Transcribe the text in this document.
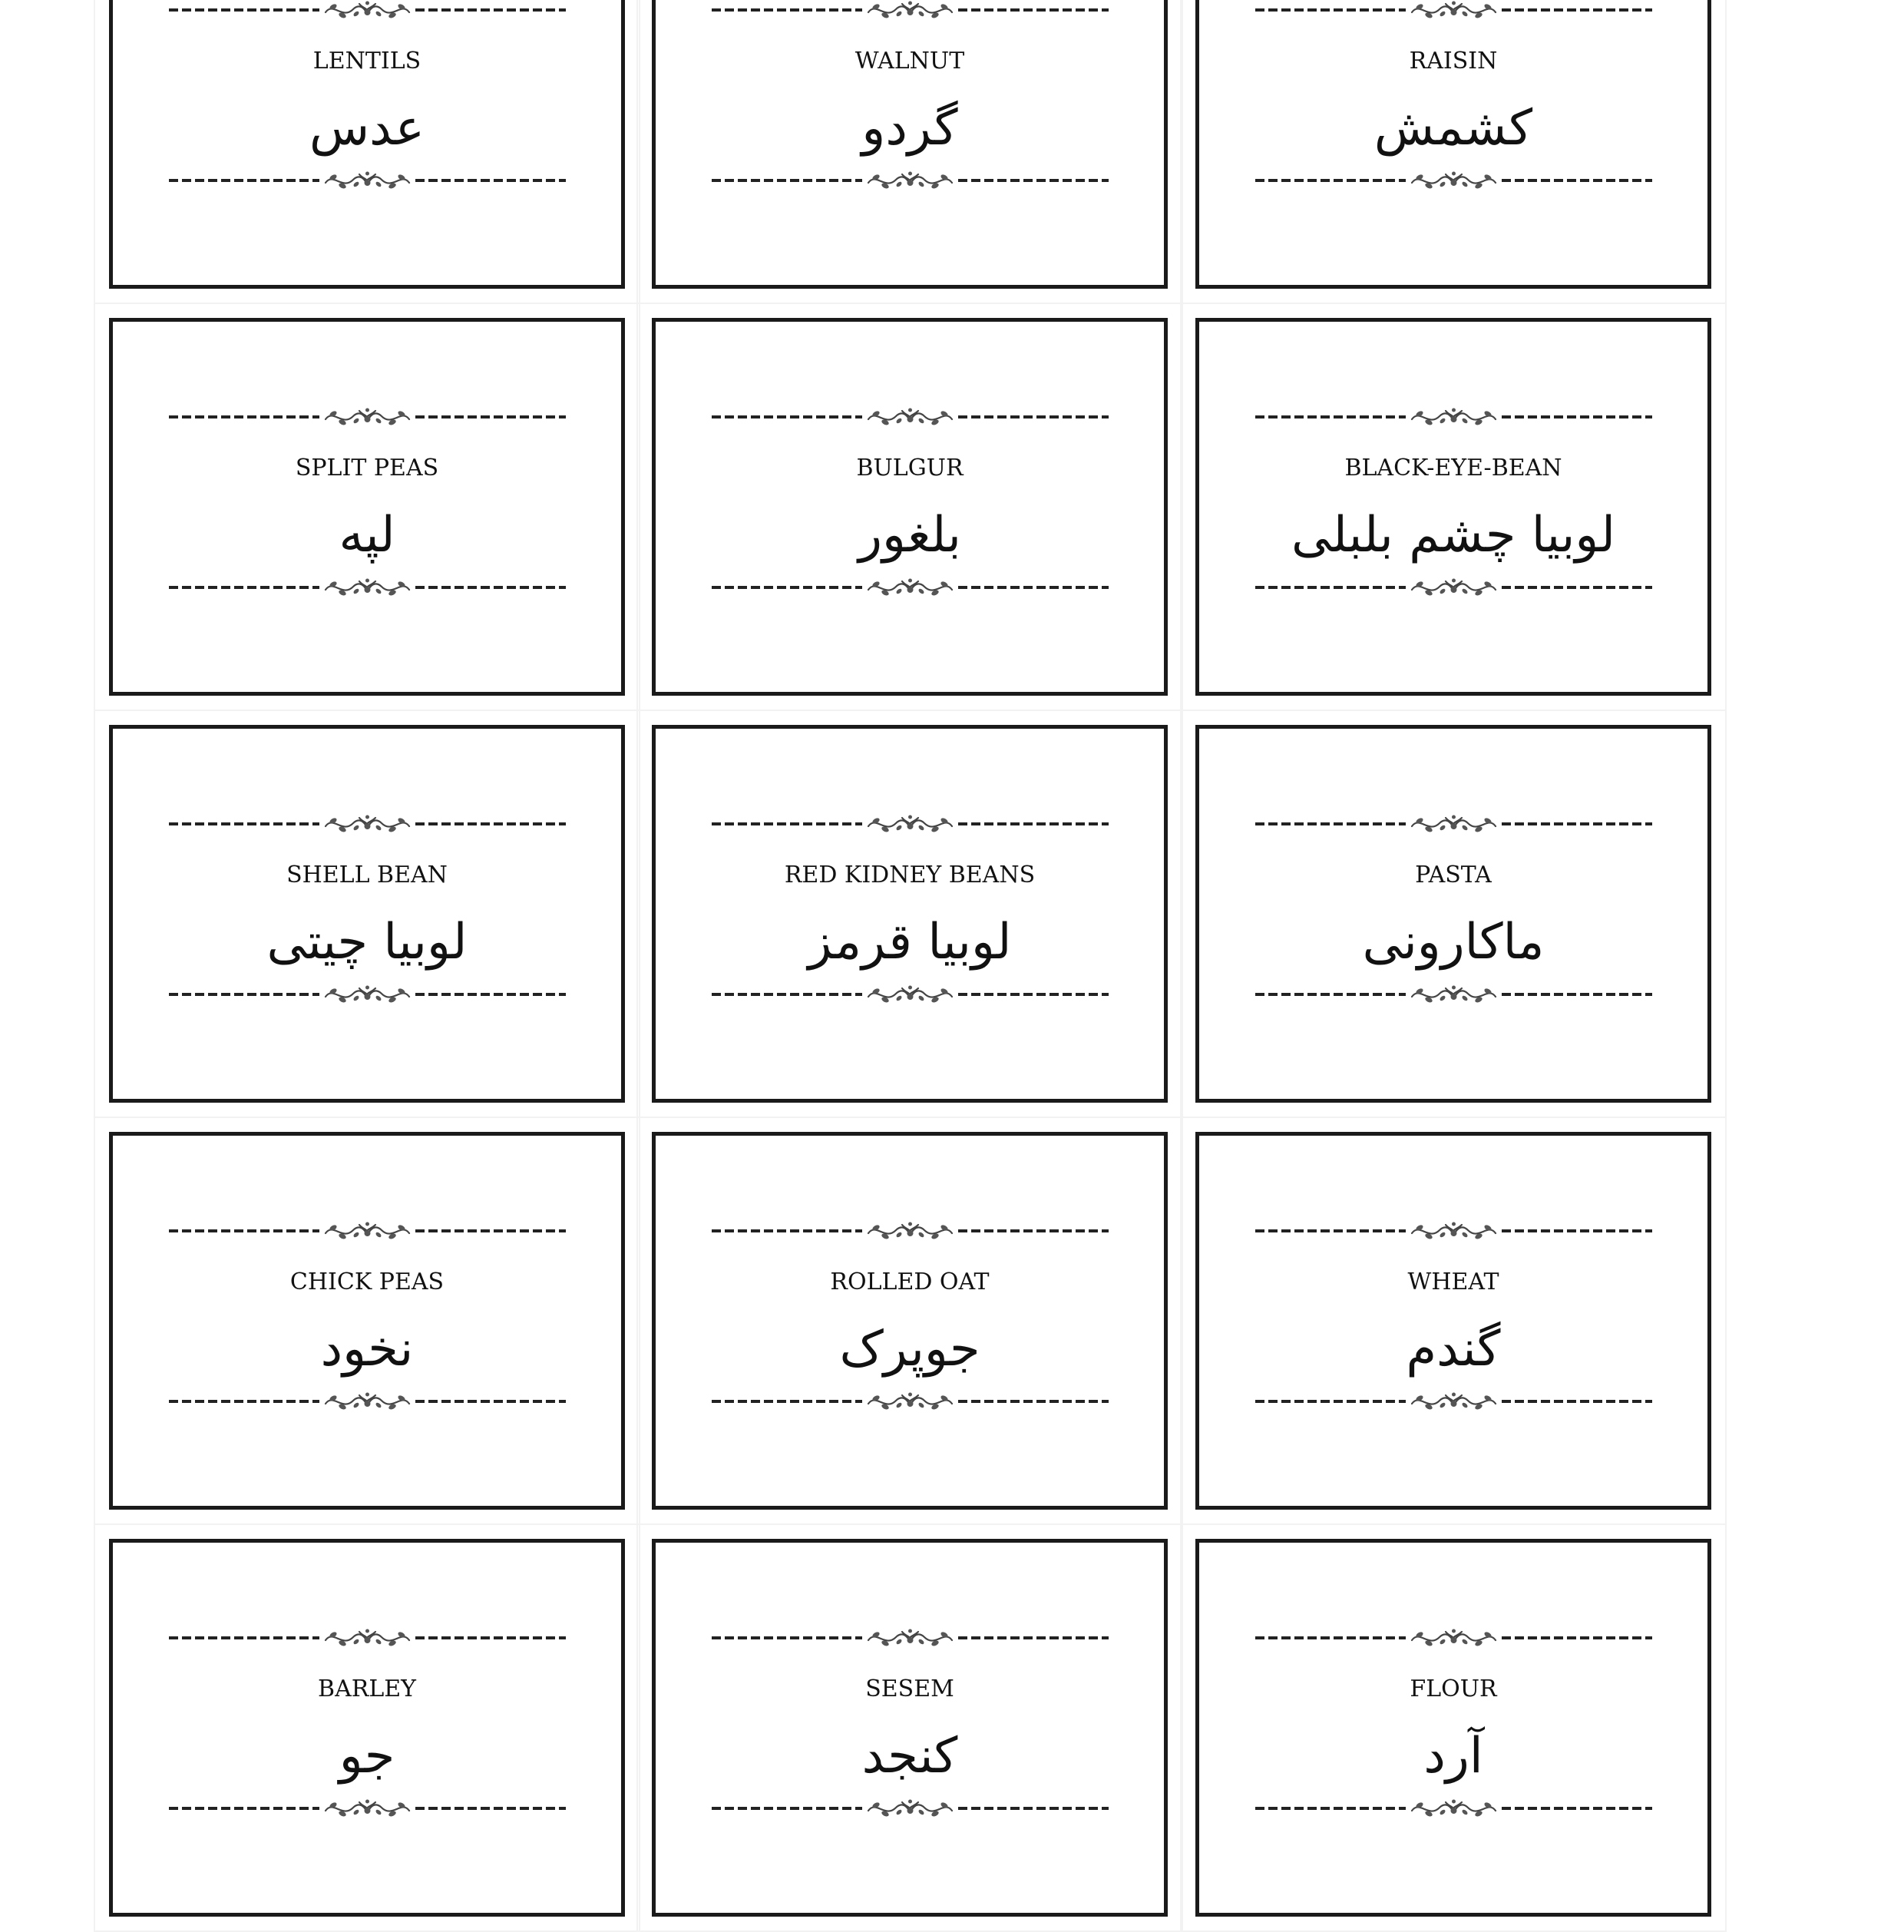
LENTILS
عدس
WALNUT
گردو
RAISIN
کشمش
SPLIT PEAS
لپه
BULGUR
بلغور
BLACK-EYE-BEAN
لوبیا چشم بلبلی
SHELL BEAN
لوبیا چیتی
RED KIDNEY BEANS
لوبیا قرمز
PASTA
ماکارونی
CHICK PEAS
نخود
ROLLED OAT
جوپرک
WHEAT
گندم
BARLEY
جو
SESEM
کنجد
FLOUR
آرد
